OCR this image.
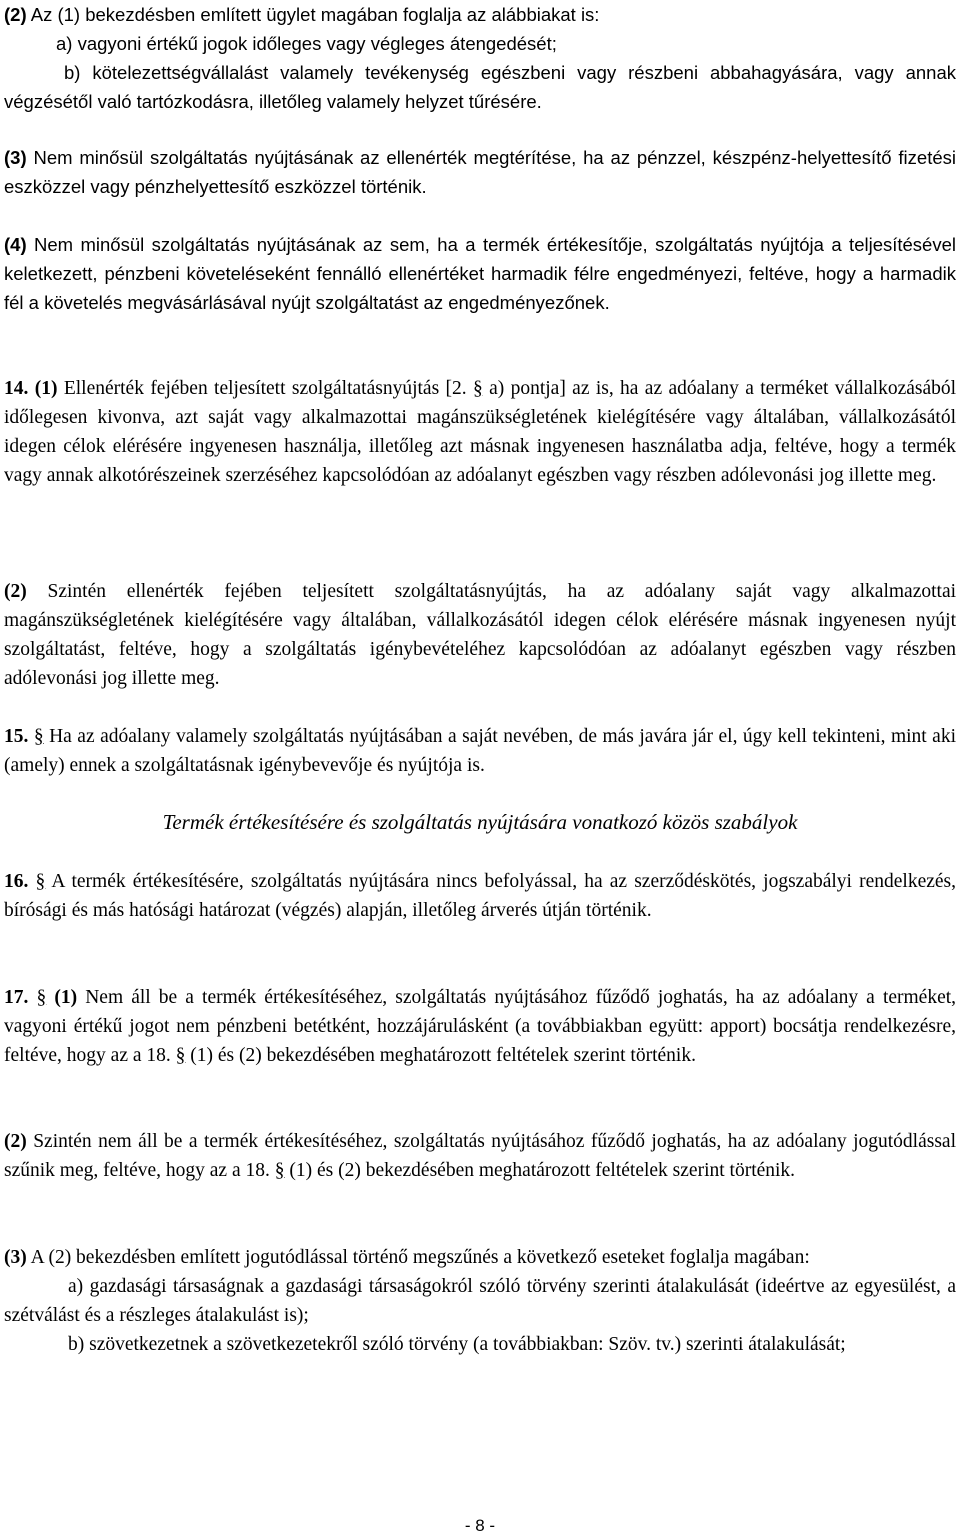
(2) Az (1) bekezdésben említett ügylet magában foglalja az alábbiakat is:
a) vagyoni értékű jogok időleges vagy végleges átengedését;
b) kötelezettségvállalást valamely tevékenység egészbeni vagy részbeni abbahagyására, vagy annak végzésétől való tartózkodásra, illetőleg valamely helyzet tűrésére.
(3) Nem minősül szolgáltatás nyújtásának az ellenérték megtérítése, ha az pénzzel, készpénz-helyettesítő fizetési eszközzel vagy pénzhelyettesítő eszközzel történik.
(4) Nem minősül szolgáltatás nyújtásának az sem, ha a termék értékesítője, szolgáltatás nyújtója a teljesítésével keletkezett, pénzbeni követeléseként fennálló ellenértéket harmadik félre engedményezi, feltéve, hogy a harmadik fél a követelés megvásárlásával nyújt szolgáltatást az engedményezőnek.
14. (1) Ellenérték fejében teljesített szolgáltatásnyújtás [2. § a) pontja] az is, ha az adóalany a terméket vállalkozásából időlegesen kivonva, azt saját vagy alkalmazottai magánszükségletének kielégítésére vagy általában, vállalkozásától idegen célok elérésére ingyenesen használja, illetőleg azt másnak ingyenesen használatba adja, feltéve, hogy a termék vagy annak alkotórészeinek szerzéséhez kapcsolódóan az adóalanyt egészben vagy részben adólevonási jog illette meg.
(2) Szintén ellenérték fejében teljesített szolgáltatásnyújtás, ha az adóalany saját vagy alkalmazottai magánszükségletének kielégítésére vagy általában, vállalkozásától idegen célok elérésére másnak ingyenesen nyújt szolgáltatást, feltéve, hogy a szolgáltatás igénybevételéhez kapcsolódóan az adóalanyt egészben vagy részben adólevonási jog illette meg.
15. § Ha az adóalany valamely szolgáltatás nyújtásában a saját nevében, de más javára jár el, úgy kell tekinteni, mint aki (amely) ennek a szolgáltatásnak igénybevevője és nyújtója is.
Termék értékesítésére és szolgáltatás nyújtására vonatkozó közös szabályok
16. § A termék értékesítésére, szolgáltatás nyújtására nincs befolyással, ha az szerződéskötés, jogszabályi rendelkezés, bírósági és más hatósági határozat (végzés) alapján, illetőleg árverés útján történik.
17. § (1) Nem áll be a termék értékesítéséhez, szolgáltatás nyújtásához fűződő joghatás, ha az adóalany a terméket, vagyoni értékű jogot nem pénzbeni betétként, hozzájárulásként (a továbbiakban együtt: apport) bocsátja rendelkezésre, feltéve, hogy az a 18. § (1) és (2) bekezdésében meghatározott feltételek szerint történik.
(2) Szintén nem áll be a termék értékesítéséhez, szolgáltatás nyújtásához fűződő joghatás, ha az adóalany jogutódlással szűnik meg, feltéve, hogy az a 18. § (1) és (2) bekezdésében meghatározott feltételek szerint történik.
(3) A (2) bekezdésben említett jogutódlással történő megszűnés a következő eseteket foglalja magában:
a) gazdasági társaságnak a gazdasági társaságokról szóló törvény szerinti átalakulását (ideértve az egyesülést, a szétválást és a részleges átalakulást is);
b) szövetkezetnek a szövetkezetekről szóló törvény (a továbbiakban: Szöv. tv.) szerinti átalakulását;
- 8 -
